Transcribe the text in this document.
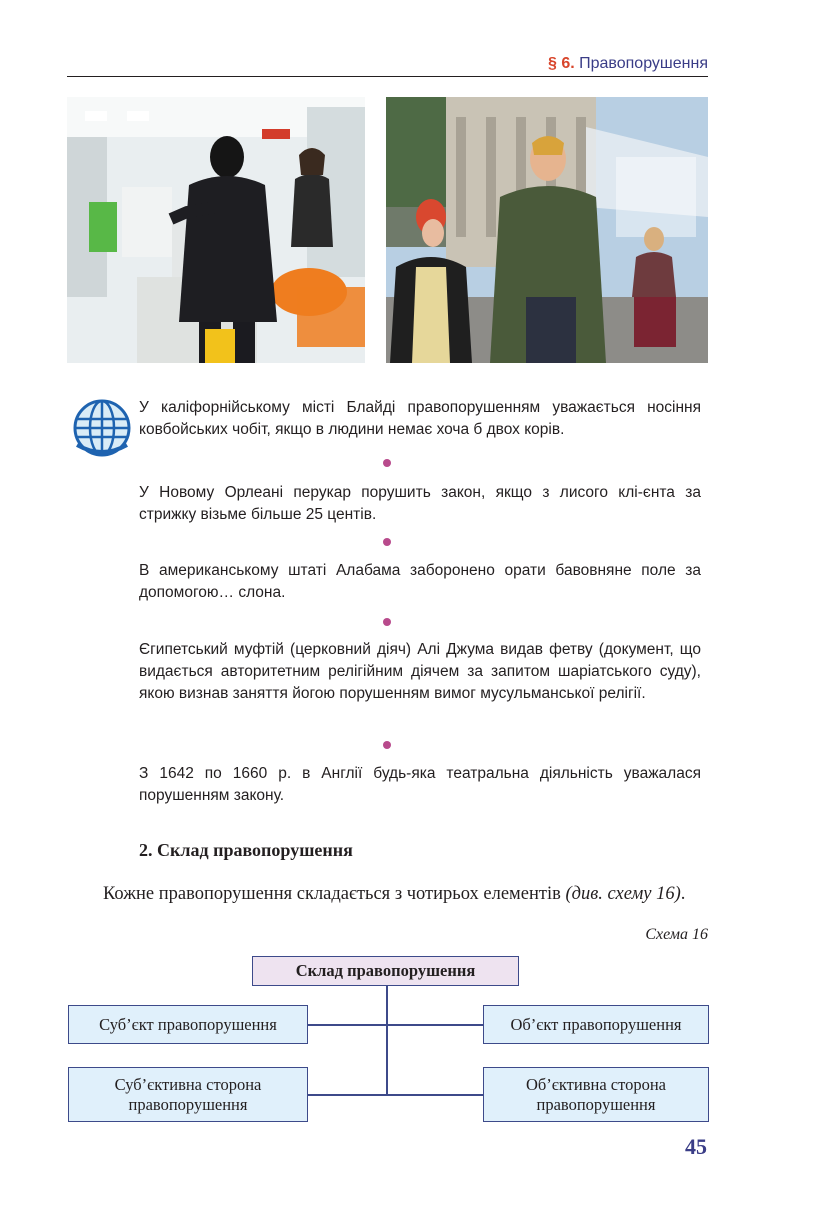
§ 6. Правопорушення
У каліфорнійському місті Блайді правопорушенням уважається носіння ковбойських чобіт, якщо в людини немає хоча б двох корів.
У Новому Орлеані перукар порушить закон, якщо з лисого клі-єнта за стрижку візьме більше 25 центів.
В американському штаті Алабама заборонено орати бавовняне поле за допомогою… слона.
Єгипетський муфтій (церковний діяч) Алі Джума видав фетву (документ, що видається авторитетним релігійним діячем за запитом шаріатського суду), якою визнав заняття йогою порушенням вимог мусульманської релігії.
З 1642 по 1660 р. в Англії будь-яка театральна діяльність уважалася порушенням закону.
2. Склад правопорушення
Кожне правопорушення складається з чотирьох елементів (див. схему 16).
Схема 16
Склад правопорушення
Суб’єкт правопорушення	Об’єкт правопорушення
Суб’єктивна сторона правопорушення
Об’єктивна сторона правопорушення
45
